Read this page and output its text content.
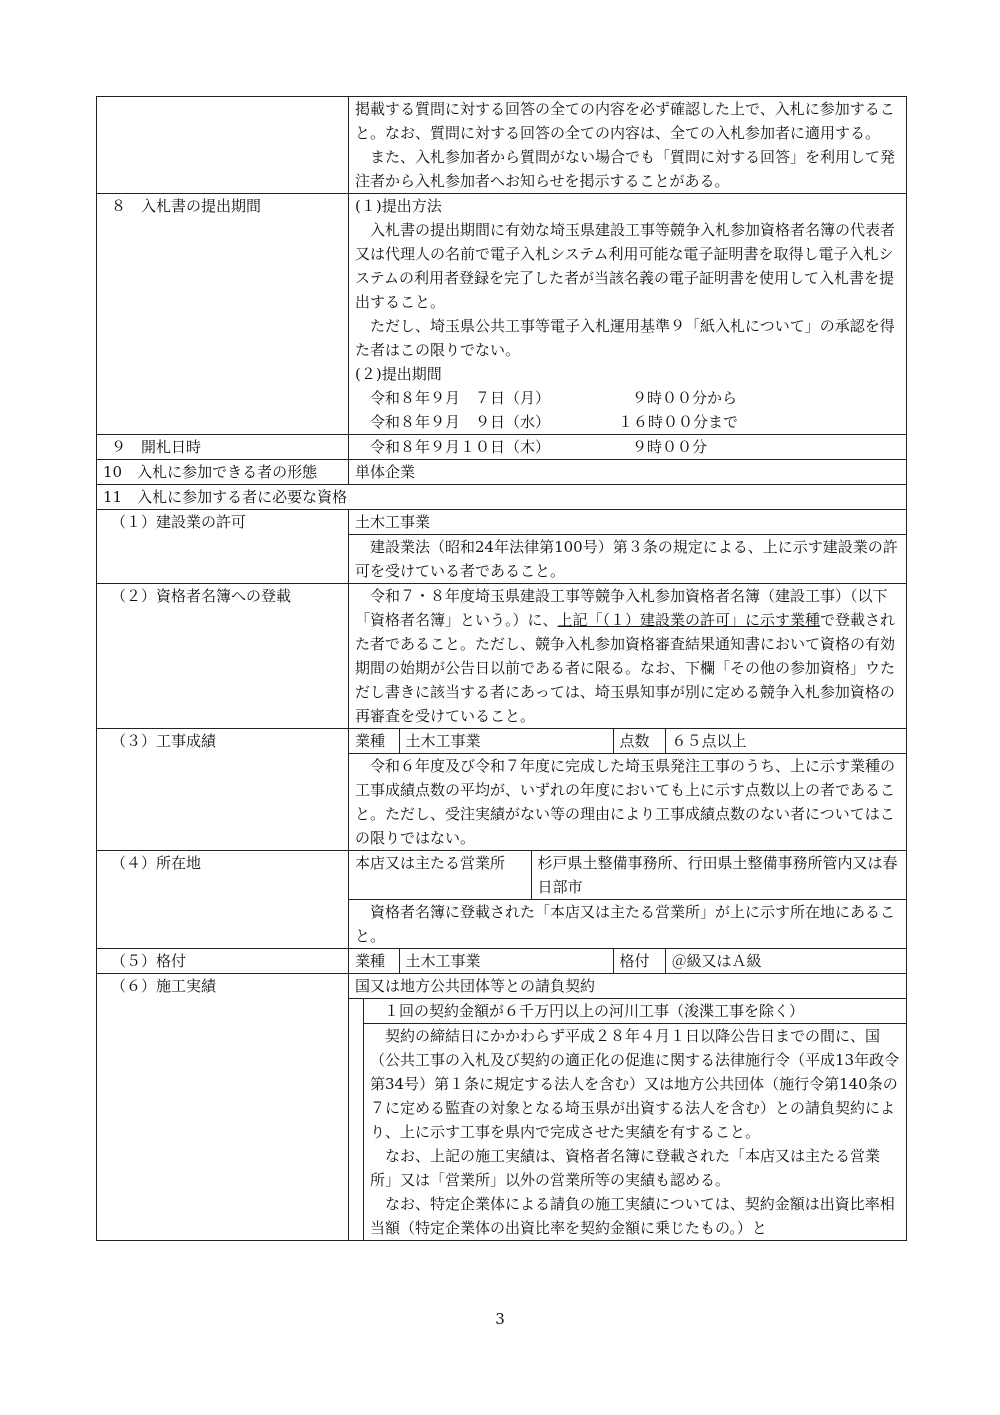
掲載する質問に対する回答の全ての内容を必ず確認した上で、入札に参加すること。なお、質問に対する回答の全ての内容は、全ての入札参加者に適用する。

また、入札参加者から質問がない場合でも「質問に対する回答」を利用して発注者から入札参加者へお知らせを掲示することがある。

８　入札書の提出期間	(１)提出方法

入札書の提出期間に有効な埼玉県建設工事等競争入札参加資格者名簿の代表者又は代理人の名前で電子入札システム利用可能な電子証明書を取得し電子入札システムの利用者登録を完了した者が当該名義の電子証明書を使用して入札書を提出すること。

ただし、埼玉県公共工事等電子入札運用基準９「紙入札について」の承認を得た者はこの限りでない。

(２)提出期間

令和８年９月　７日（月）	９時００分から

令和８年９月　９日（水）	１６時００分まで

９　開札日時	令和８年９月１０日（木）	９時００分

10　入札に参加できる者の形態	単体企業
11　入札に参加する者に必要な資格
（１）建設業の許可	土木工事業

建設業法（昭和24年法律第100号）第３条の規定による、上に示す建設業の許可を受けている者であること。

（２）資格者名簿への登載	令和７・８年度埼玉県建設工事等競争入札参加資格者名簿（建設工事）（以下「資格者名簿」という。）に、上記「（１）建設業の許可」に示す業種で登載された者であること。ただし、競争入札参加資格審査結果通知書において資格の有効期間の始期が公告日以前である者に限る。なお、下欄「その他の参加資格」ウただし書きに該当する者にあっては、埼玉県知事が別に定める競争入札参加資格の再審査を受けていること。

（３）工事成績		業種	土木工事業	点数	６５点以上

令和６年度及び令和７年度に完成した埼玉県発注工事のうち、上に示す業種の工事成績点数の平均が、いずれの年度においても上に示す点数以上の者であること。ただし、受注実績がない等の理由により工事成績点数のない者についてはこの限りではない。

（４）所在地		本店又は主たる営業所	杉戸県土整備事務所、行田県土整備事務所管内又は春日部市

資格者名簿に登載された「本店又は主たる営業所」が上に示す所在地にあること。

（５）格付		業種	土木工事業	格付	＠級又はＡ級

（６）施工実績	国又は地方公共団体等との請負契約
１回の契約金額が６千万円以上の河川工事（浚渫工事を除く）

契約の締結日にかかわらず平成２８年４月１日以降公告日までの間に、国（公共工事の入札及び契約の適正化の促進に関する法律施行令（平成13年政令第34号）第１条に規定する法人を含む）又は地方公共団体（施行令第140条の７に定める監査の対象となる埼玉県が出資する法人を含む）との請負契約により、上に示す工事を県内で完成させた実績を有すること。

なお、上記の施工実績は、資格者名簿に登載された「本店又は主たる営業所」又は「営業所」以外の営業所等の実績も認める。

なお、特定企業体による請負の施工実績については、契約金額は出資比率相当額（特定企業体の出資比率を契約金額に乗じたもの。）と

3
